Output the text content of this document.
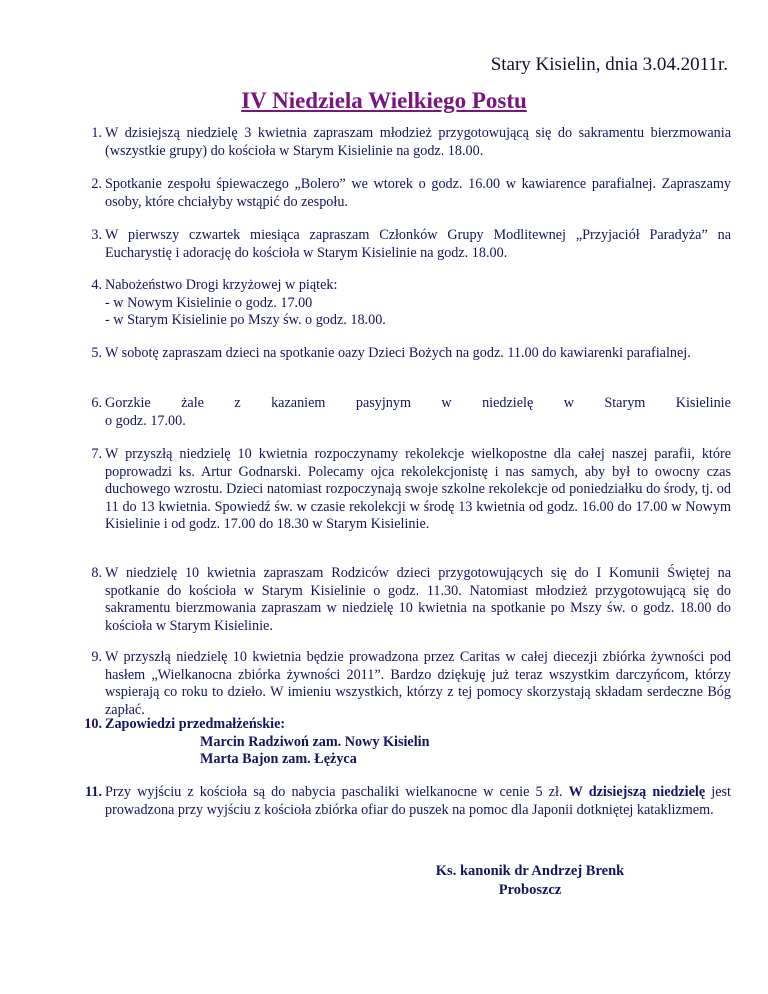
Stary Kisielin, dnia 3.04.2011r.
IV Niedziela Wielkiego Postu
1. W dzisiejszą niedzielę 3 kwietnia zapraszam młodzież przygotowującą się do sakramentu bierzmowania (wszystkie grupy) do kościoła w Starym Kisielinie na godz. 18.00.
2. Spotkanie zespołu śpiewaczego „Bolero” we wtorek o godz. 16.00 w kawiarence parafialnej. Zapraszamy osoby, które chciałyby wstąpić do zespołu.
3. W pierwszy czwartek miesiąca zapraszam Członków Grupy Modlitewnej „Przyjaciół Paradyża” na Eucharystię i adorację do kościoła w Starym Kisielinie na godz. 18.00.
4. Nabożeństwo Drogi krzyżowej w piątek:
- w Nowym Kisielinie o godz. 17.00
- w Starym Kisielinie po Mszy św. o godz. 18.00.
5. W sobotę zapraszam dzieci na spotkanie oazy Dzieci Bożych na godz. 11.00 do kawiarenki parafialnej.
6. Gorzkie żale z kazaniem pasyjnym w niedzielę w Starym Kisielinie
o godz. 17.00.
7. W przyszłą niedzielę 10 kwietnia rozpoczynamy rekolekcje wielkopostne dla całej naszej parafii, które poprowadzi ks. Artur Godnarski. Polecamy ojca rekolekcjonistę i nas samych, aby był to owocny czas duchowego wzrostu. Dzieci natomiast rozpoczynają swoje szkolne rekolekcje od poniedziałku do środy, tj. od 11 do 13 kwietnia. Spowiedź św. w czasie rekolekcji w środę 13 kwietnia od godz. 16.00 do 17.00 w Nowym Kisielinie i od godz. 17.00 do 18.30 w Starym Kisielinie.
8. W niedzielę 10 kwietnia zapraszam Rodziców dzieci przygotowujących się do I Komunii Świętej na spotkanie do kościoła w Starym Kisielinie o godz. 11.30. Natomiast młodzież przygotowującą się do sakramentu bierzmowania zapraszam w niedzielę 10 kwietnia na spotkanie po Mszy św. o godz. 18.00 do kościoła w Starym Kisielinie.
9. W przyszłą niedzielę 10 kwietnia będzie prowadzona przez Caritas w całej diecezji zbiórka żywności pod hasłem „Wielkanocna zbiórka żywności 2011”. Bardzo dziękuję już teraz wszystkim darczyńcom, którzy wspierają co roku to dzieło. W imieniu wszystkich, którzy z tej pomocy skorzystają składam serdeczne Bóg zapłać.
10. Zapowiedzi przedmałżeńskie:
Marcin Radziwoń zam. Nowy Kisielin
Marta Bajon zam. Łężyca
11. Przy wyjściu z kościoła są do nabycia paschaliki wielkanocne w cenie 5 zł. W dzisiejszą niedzielę jest prowadzona przy wyjściu z kościoła zbiórka ofiar do puszek na pomoc dla Japonii dotkniętej kataklizmem.
Ks. kanonik dr Andrzej Brenk
Proboszcz
